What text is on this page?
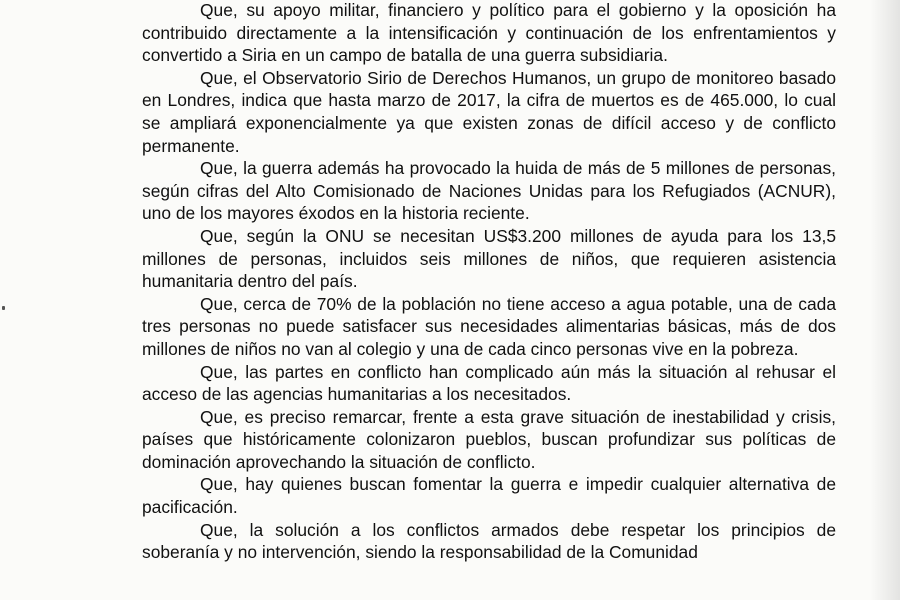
Que, su apoyo militar, financiero y político para el gobierno y la oposición ha contribuido directamente a la intensificación y continuación de los enfrentamientos y convertido a Siria en un campo de batalla de una guerra subsidiaria.

Que, el Observatorio Sirio de Derechos Humanos, un grupo de monitoreo basado en Londres, indica que hasta marzo de 2017, la cifra de muertos es de 465.000, lo cual se ampliará exponencialmente ya que existen zonas de difícil acceso y de conflicto permanente.

Que, la guerra además ha provocado la huida de más de 5 millones de personas, según cifras del Alto Comisionado de Naciones Unidas para los Refugiados (ACNUR), uno de los mayores éxodos en la historia reciente.

Que, según la ONU se necesitan US$3.200 millones de ayuda para los 13,5 millones de personas, incluidos seis millones de niños, que requieren asistencia humanitaria dentro del país.

Que, cerca de 70% de la población no tiene acceso a agua potable, una de cada tres personas no puede satisfacer sus necesidades alimentarias básicas, más de dos millones de niños no van al colegio y una de cada cinco personas vive en la pobreza.

Que, las partes en conflicto han complicado aún más la situación al rehusar el acceso de las agencias humanitarias a los necesitados.

Que, es preciso remarcar, frente a esta grave situación de inestabilidad y crisis, países que históricamente colonizaron pueblos, buscan profundizar sus políticas de dominación aprovechando la situación de conflicto.

Que, hay quienes buscan fomentar la guerra e impedir cualquier alternativa de pacificación.

Que, la solución a los conflictos armados debe respetar los principios de soberanía y no intervención, siendo la responsabilidad de la Comunidad
